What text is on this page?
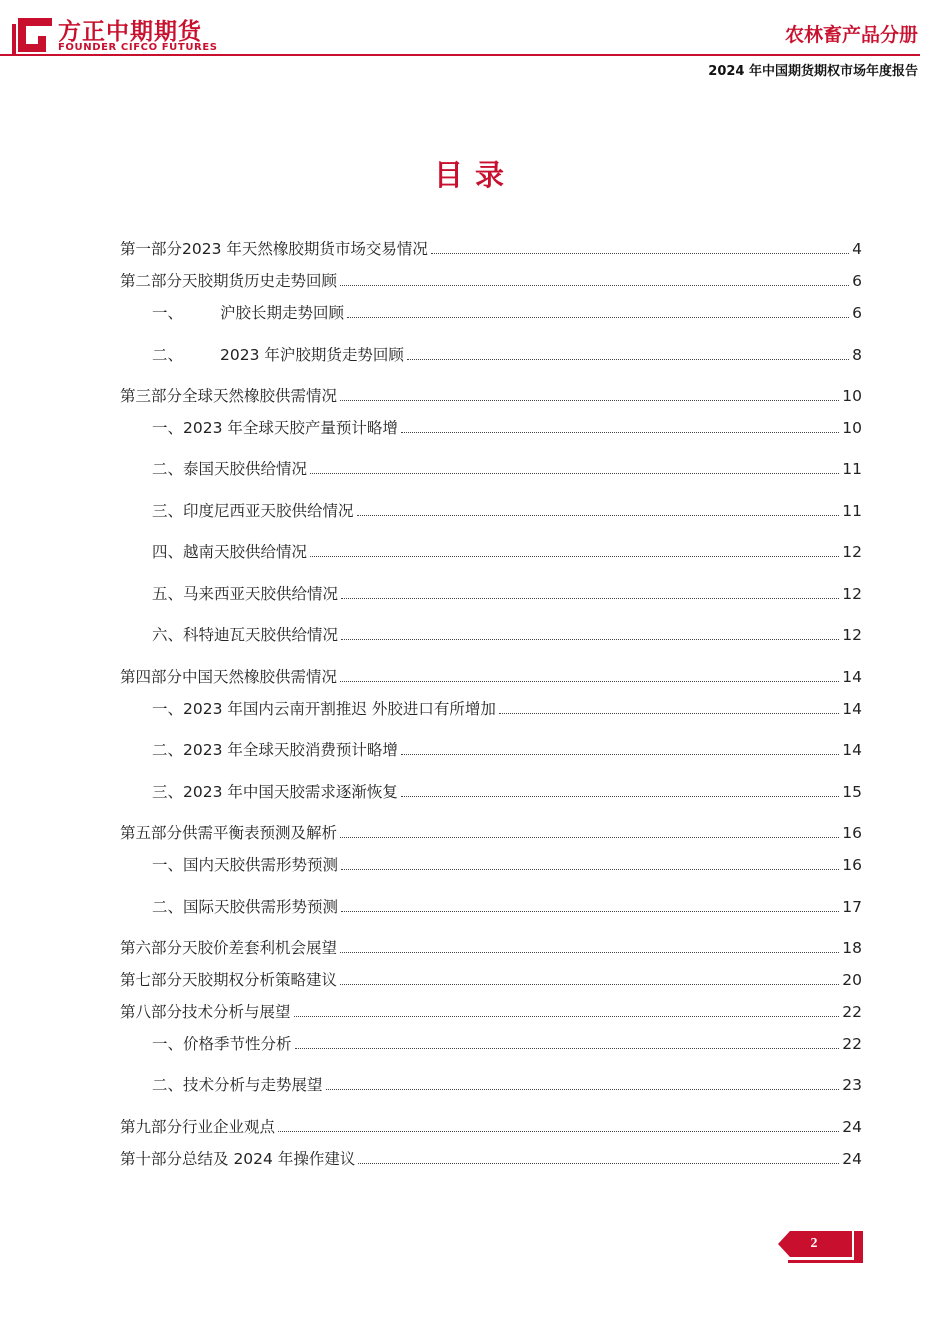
方正中期期货
FOUNDER CIFCO FUTURES
农林畜产品分册
2024 年中国期货期权市场年度报告
目录
第一部分 2023 年天然橡胶期货市场交易情况	4
第二部分 天胶期货历史走势回顾	6
一、	沪胶长期走势回顾	6
二、	2023 年沪胶期货走势回顾	8
第三部分 全球天然橡胶供需情况	10
一、 2023 年全球天胶产量预计略增	10
二、 泰国天胶供给情况	11
三、 印度尼西亚天胶供给情况	11
四、 越南天胶供给情况	12
五、 马来西亚天胶供给情况	12
六、 科特迪瓦天胶供给情况	12
第四部分 中国天然橡胶供需情况	14
一、 2023 年国内云南开割推迟 外胶进口有所增加	14
二、 2023 年全球天胶消费预计略增	14
三、 2023 年中国天胶需求逐渐恢复	15
第五部分 供需平衡表预测及解析	16
一、 国内天胶供需形势预测	16
二、 国际天胶供需形势预测	17
第六部分 天胶价差套利机会展望	18
第七部分 天胶期权分析策略建议	20
第八部分 技术分析与展望	22
一、 价格季节性分析	22
二、 技术分析与走势展望	23
第九部分 行业企业观点	24
第十部分 总结及 2024 年操作建议	24
2
